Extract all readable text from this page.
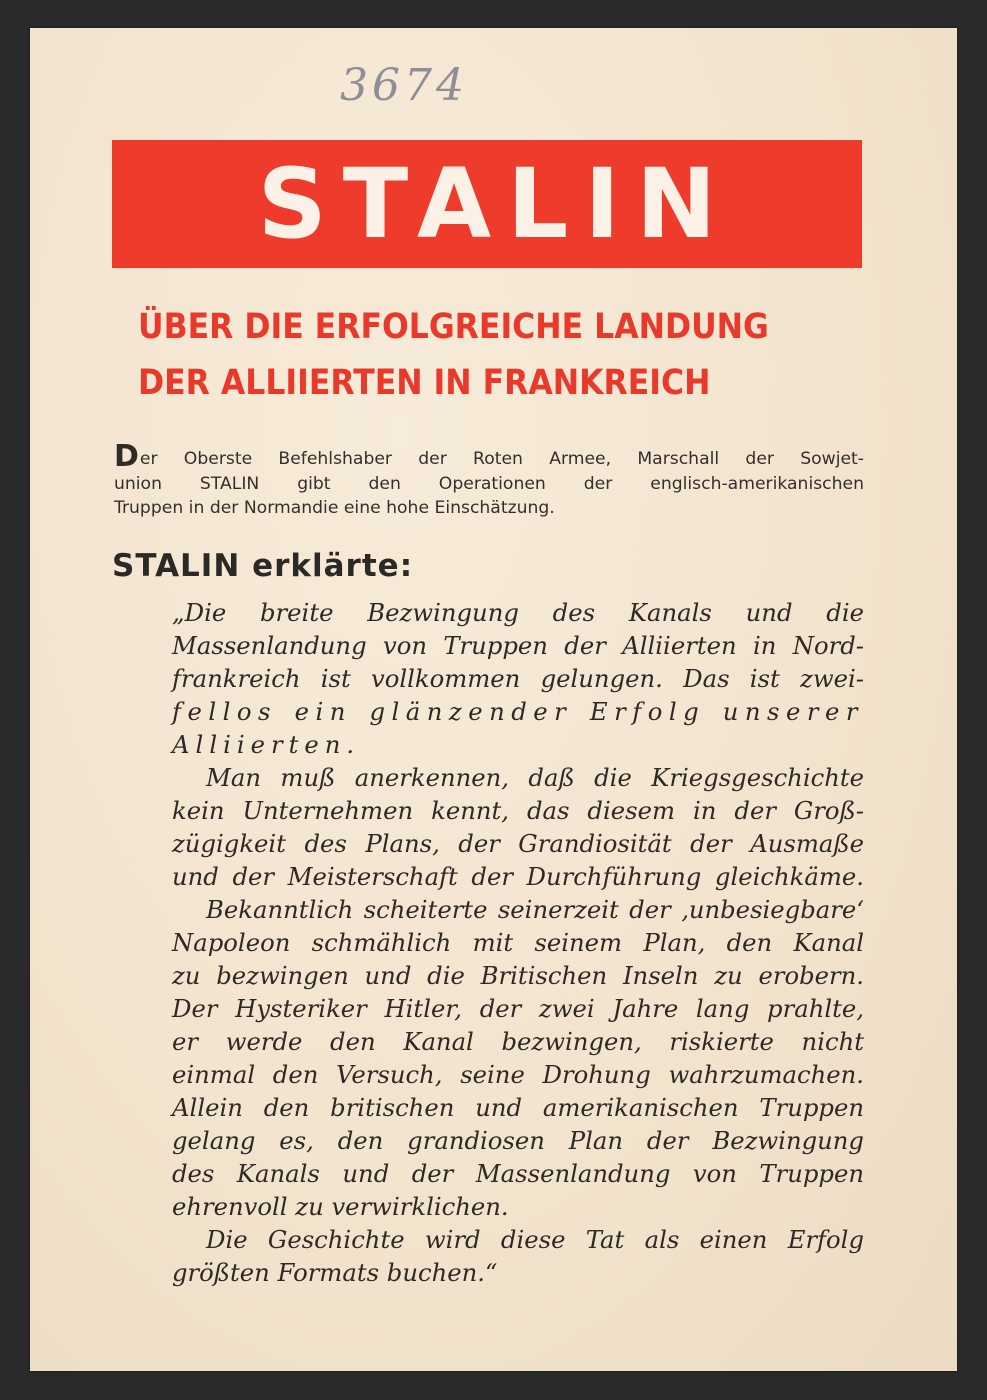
3674
STALIN
ÜBER DIE ERFOLGREICHE LANDUNG
DER ALLIIERTEN IN FRANKREICH
Der Oberste Befehlshaber der Roten Armee, Marschall der Sowjet-
union STALIN gibt den Operationen der englisch-amerikanischen
Truppen in der Normandie eine hohe Einschätzung.
STALIN erklärte:
„Die breite Bezwingung des Kanals und die
Massenlandung von Truppen der Alliierten in Nord-
frankreich ist vollkommen gelungen. Das ist zwei-
fellos ein glänzender Erfolg unserer
Alliierten.
Man muß anerkennen, daß die Kriegsgeschichte
kein Unternehmen kennt, das diesem in der Groß-
zügigkeit des Plans, der Grandiosität der Ausmaße
und der Meisterschaft der Durchführung gleichkäme.
Bekanntlich scheiterte seinerzeit der ‚unbesiegbare‘
Napoleon schmählich mit seinem Plan, den Kanal
zu bezwingen und die Britischen Inseln zu erobern.
Der Hysteriker Hitler, der zwei Jahre lang prahlte,
er werde den Kanal bezwingen, riskierte nicht
einmal den Versuch, seine Drohung wahrzumachen.
Allein den britischen und amerikanischen Truppen
gelang es, den grandiosen Plan der Bezwingung
des Kanals und der Massenlandung von Truppen
ehrenvoll zu verwirklichen.
Die Geschichte wird diese Tat als einen Erfolg
größten Formats buchen.“
